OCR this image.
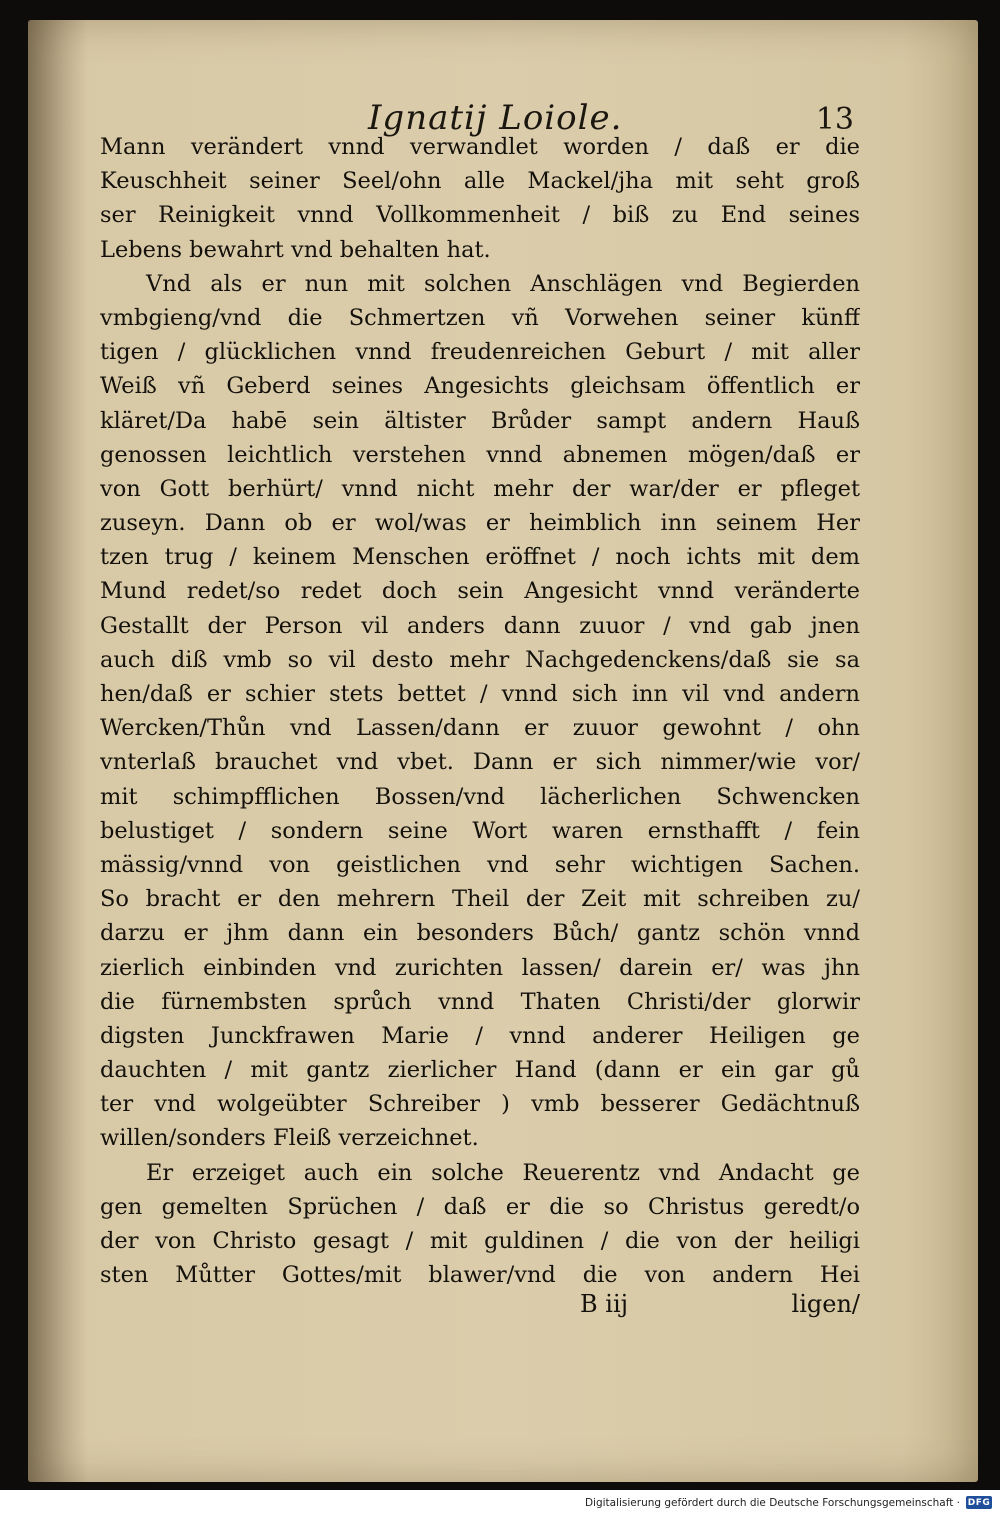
Ignatij Loiole.	13
Mann verändert vnnd verwandlet worden / daß er die
Keuschheit seiner Seel/ohn alle Mackel/jha mit seht groß
ser Reinigkeit vnnd Vollkommenheit / biß zu End seines
Lebens bewahrt vnd behalten hat.
Vnd als er nun mit solchen Anschlägen vnd Begierden
vmbgieng/vnd die Schmertzen vñ Vorwehen seiner künff
tigen / glücklichen vnnd freudenreichen Geburt / mit aller
Weiß vñ Geberd seines Angesichts gleichsam öffentlich er
kläret/Da habē sein ältister Brůder sampt andern Hauß
genossen leichtlich verstehen vnnd abnemen mögen/daß er
von Gott berhürt/ vnnd nicht mehr der war/der er pfleget
zuseyn. Dann ob er wol/was er heimblich inn seinem Her
tzen trug / keinem Menschen eröffnet / noch ichts mit dem
Mund redet/so redet doch sein Angesicht vnnd veränderte
Gestallt der Person vil anders dann zuuor / vnd gab jnen
auch diß vmb so vil desto mehr Nachgedenckens/daß sie sa
hen/daß er schier stets bettet / vnnd sich inn vil vnd andern
Wercken/Thůn vnd Lassen/dann er zuuor gewohnt / ohn
vnterlaß brauchet vnd vbet. Dann er sich nimmer/wie vor/
mit schimpfflichen Bossen/vnd lächerlichen Schwencken
belustiget / sondern seine Wort waren ernsthafft / fein
mässig/vnnd von geistlichen vnd sehr wichtigen Sachen.
So bracht er den mehrern Theil der Zeit mit schreiben zu/
darzu er jhm dann ein besonders Bůch/ gantz schön vnnd
zierlich einbinden vnd zurichten lassen/ darein er/ was jhn
die fürnembsten sprůch vnnd Thaten Christi/der glorwir
digsten Junckfrawen Marie / vnnd anderer Heiligen ge
dauchten / mit gantz zierlicher Hand (dann er ein gar gů
ter vnd wolgeübter Schreiber ) vmb besserer Gedächtnuß
willen/sonders Fleiß verzeichnet.
Er erzeiget auch ein solche Reuerentz vnd Andacht ge
gen gemelten Sprüchen / daß er die so Christus geredt/o
der von Christo gesagt / mit guldinen / die von der heiligi
sten Můtter Gottes/mit blawer/vnd die von andern Hei
B iij	ligen/
Digitalisierung gefördert durch die Deutsche Forschungsgemeinschaft · DFG
